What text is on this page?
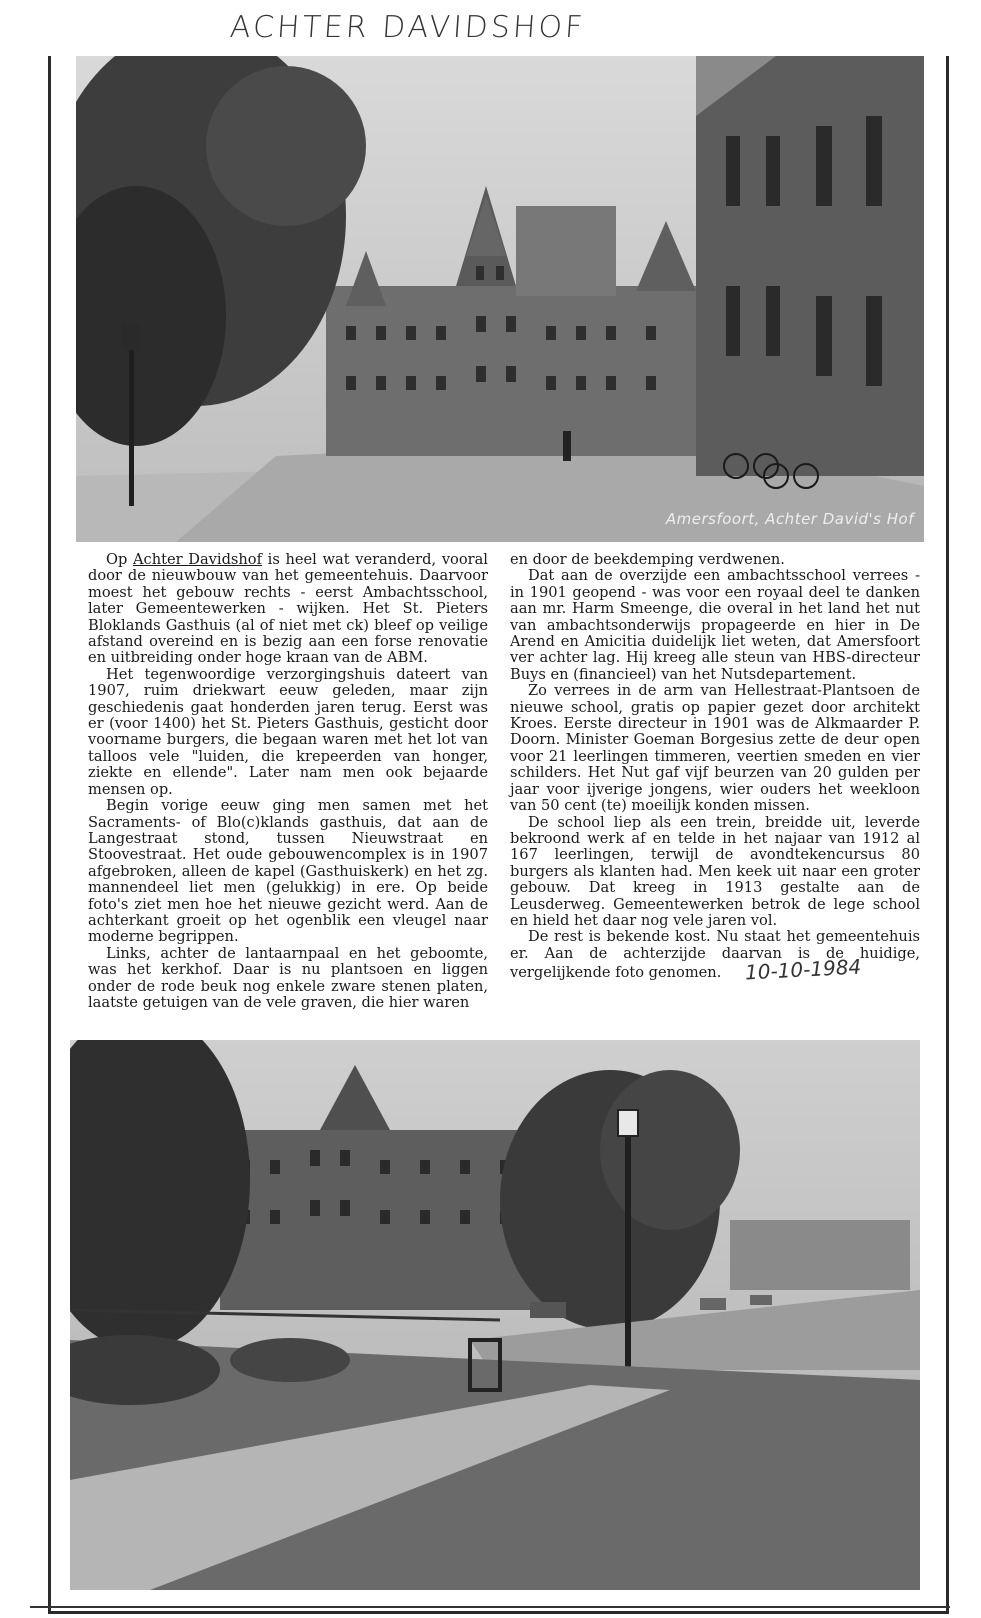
ACHTER DAVIDSHOF
Amersfoort, Achter David's Hof

Op Achter Davidshof is heel wat veranderd, vooral door de nieuwbouw van het gemeentehuis. Daarvoor moest het gebouw rechts - eerst Ambachtsschool, later Gemeentewerken - wijken. Het St. Pieters Bloklands Gasthuis (al of niet met ck) bleef op veilige afstand overeind en is bezig aan een forse renovatie en uitbreiding onder hoge kraan van de ABM.

Het tegenwoordige verzorgingshuis dateert van 1907, ruim driekwart eeuw geleden, maar zijn geschiedenis gaat honderden jaren terug. Eerst was er (voor 1400) het St. Pieters Gasthuis, gesticht door voorname burgers, die begaan waren met het lot van talloos vele "luiden, die krepeerden van honger, ziekte en ellende". Later nam men ook bejaarde mensen op.

Begin vorige eeuw ging men samen met het Sacraments- of Blo(c)klands gasthuis, dat aan de Langestraat stond, tussen Nieuwstraat en Stoovestraat. Het oude gebouwencomplex is in 1907 afgebroken, alleen de kapel (Gasthuiskerk) en het zg. mannendeel liet men (gelukkig) in ere. Op beide foto's ziet men hoe het nieuwe gezicht werd. Aan de achterkant groeit op het ogenblik een vleugel naar moderne begrippen.

Links, achter de lantaarnpaal en het geboomte, was het kerkhof. Daar is nu plantsoen en liggen onder de rode beuk nog enkele zware stenen platen, laatste getuigen van de vele graven, die hier waren

en door de beekdemping verdwenen.

Dat aan de overzijde een ambachtsschool verrees - in 1901 geopend - was voor een royaal deel te danken aan mr. Harm Smeenge, die overal in het land het nut van ambachtsonderwijs propageerde en hier in De Arend en Amicitia duidelijk liet weten, dat Amersfoort ver achter lag. Hij kreeg alle steun van HBS-directeur Buys en (financieel) van het Nutsdepartement.

Zo verrees in de arm van Hellestraat-Plantsoen de nieuwe school, gratis op papier gezet door architekt Kroes. Eerste directeur in 1901 was de Alkmaarder P. Doorn. Minister Goeman Borgesius zette de deur open voor 21 leerlingen timmeren, veertien smeden en vier schilders. Het Nut gaf vijf beurzen van 20 gulden per jaar voor ijverige jongens, wier ouders het weekloon van 50 cent (te) moeilijk konden missen.

De school liep als een trein, breidde uit, leverde bekroond werk af en telde in het najaar van 1912 al 167 leerlingen, terwijl de avondtekencursus 80 burgers als klanten had. Men keek uit naar een groter gebouw. Dat kreeg in 1913 gestalte aan de Leusderweg. Gemeentewerken betrok de lege school en hield het daar nog vele jaren vol.

De rest is bekende kost. Nu staat het gemeentehuis er. Aan de achterzijde daarvan is de huidige, vergelijkende foto genomen. 10-10-1984
